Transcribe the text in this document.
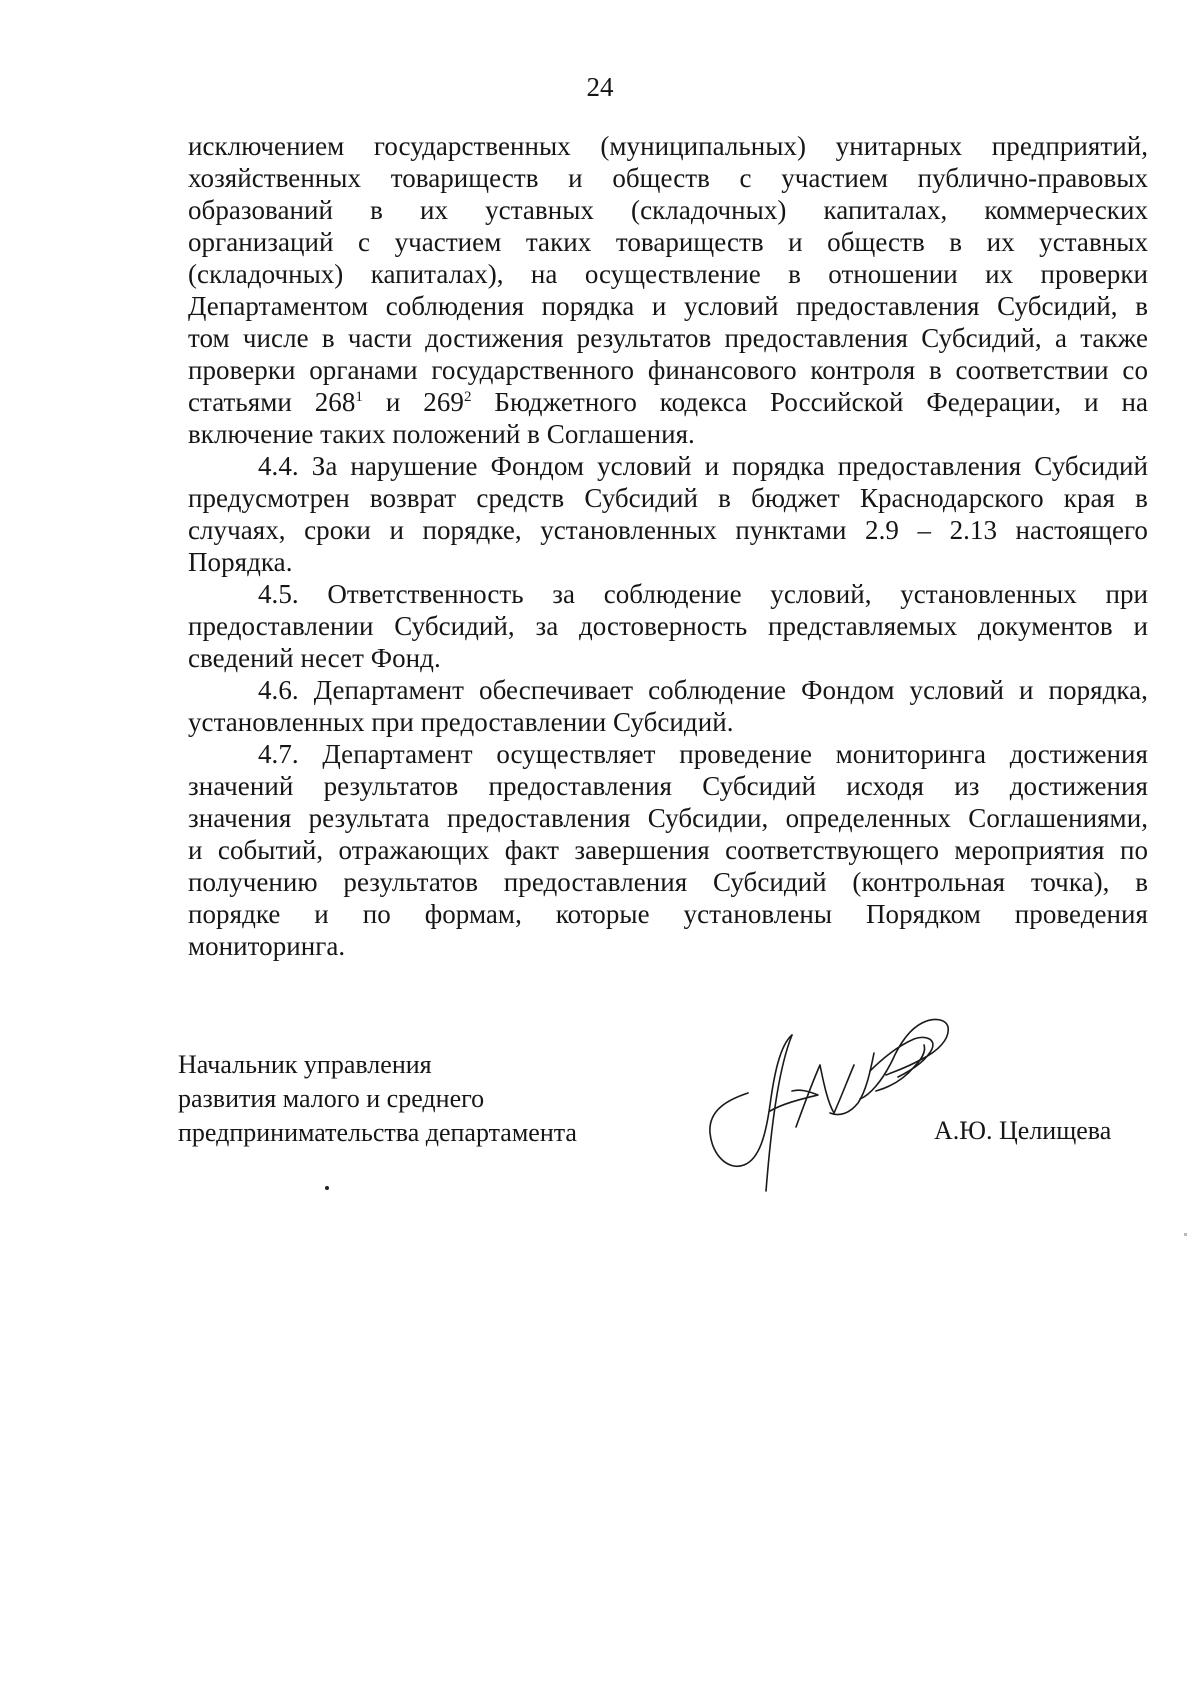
24

исключением государственных (муниципальных) унитарных предприятий,
хозяйственных товариществ и обществ с участием публично-правовых
образований в их уставных (складочных) капиталах, коммерческих
организаций с участием таких товариществ и обществ в их уставных
(складочных) капиталах), на осуществление в отношении их проверки
Департаментом соблюдения порядка и условий предоставления Субсидий, в
том числе в части достижения результатов предоставления Субсидий, а также
проверки органами государственного финансового контроля в соответствии со
статьями $268^1$ и $269^2$ Бюджетного кодекса Российской Федерации, и на
включение таких положений в Соглашения.

4.4. За нарушение Фондом условий и порядка предоставления Субсидий
предусмотрен возврат средств Субсидий в бюджет Краснодарского края в
случаях, сроки и порядке, установленных пунктами 2.9 – 2.13 настоящего
Порядка.

4.5. Ответственность за соблюдение условий, установленных при
предоставлении Субсидий, за достоверность представляемых документов и
сведений несет Фонд.

4.6. Департамент обеспечивает соблюдение Фондом условий и порядка,
установленных при предоставлении Субсидий.

4.7. Департамент осуществляет проведение мониторинга достижения
значений результатов предоставления Субсидий исходя из достижения
значения результата предоставления Субсидии, определенных Соглашениями,
и событий, отражающих факт завершения соответствующего мероприятия по
получению результатов предоставления Субсидий (контрольная точка), в
порядке и по формам, которые установлены Порядком проведения
мониторинга.

Начальник управления
развития малого и среднего
предпринимательства департамента	А.Ю. Целищева
